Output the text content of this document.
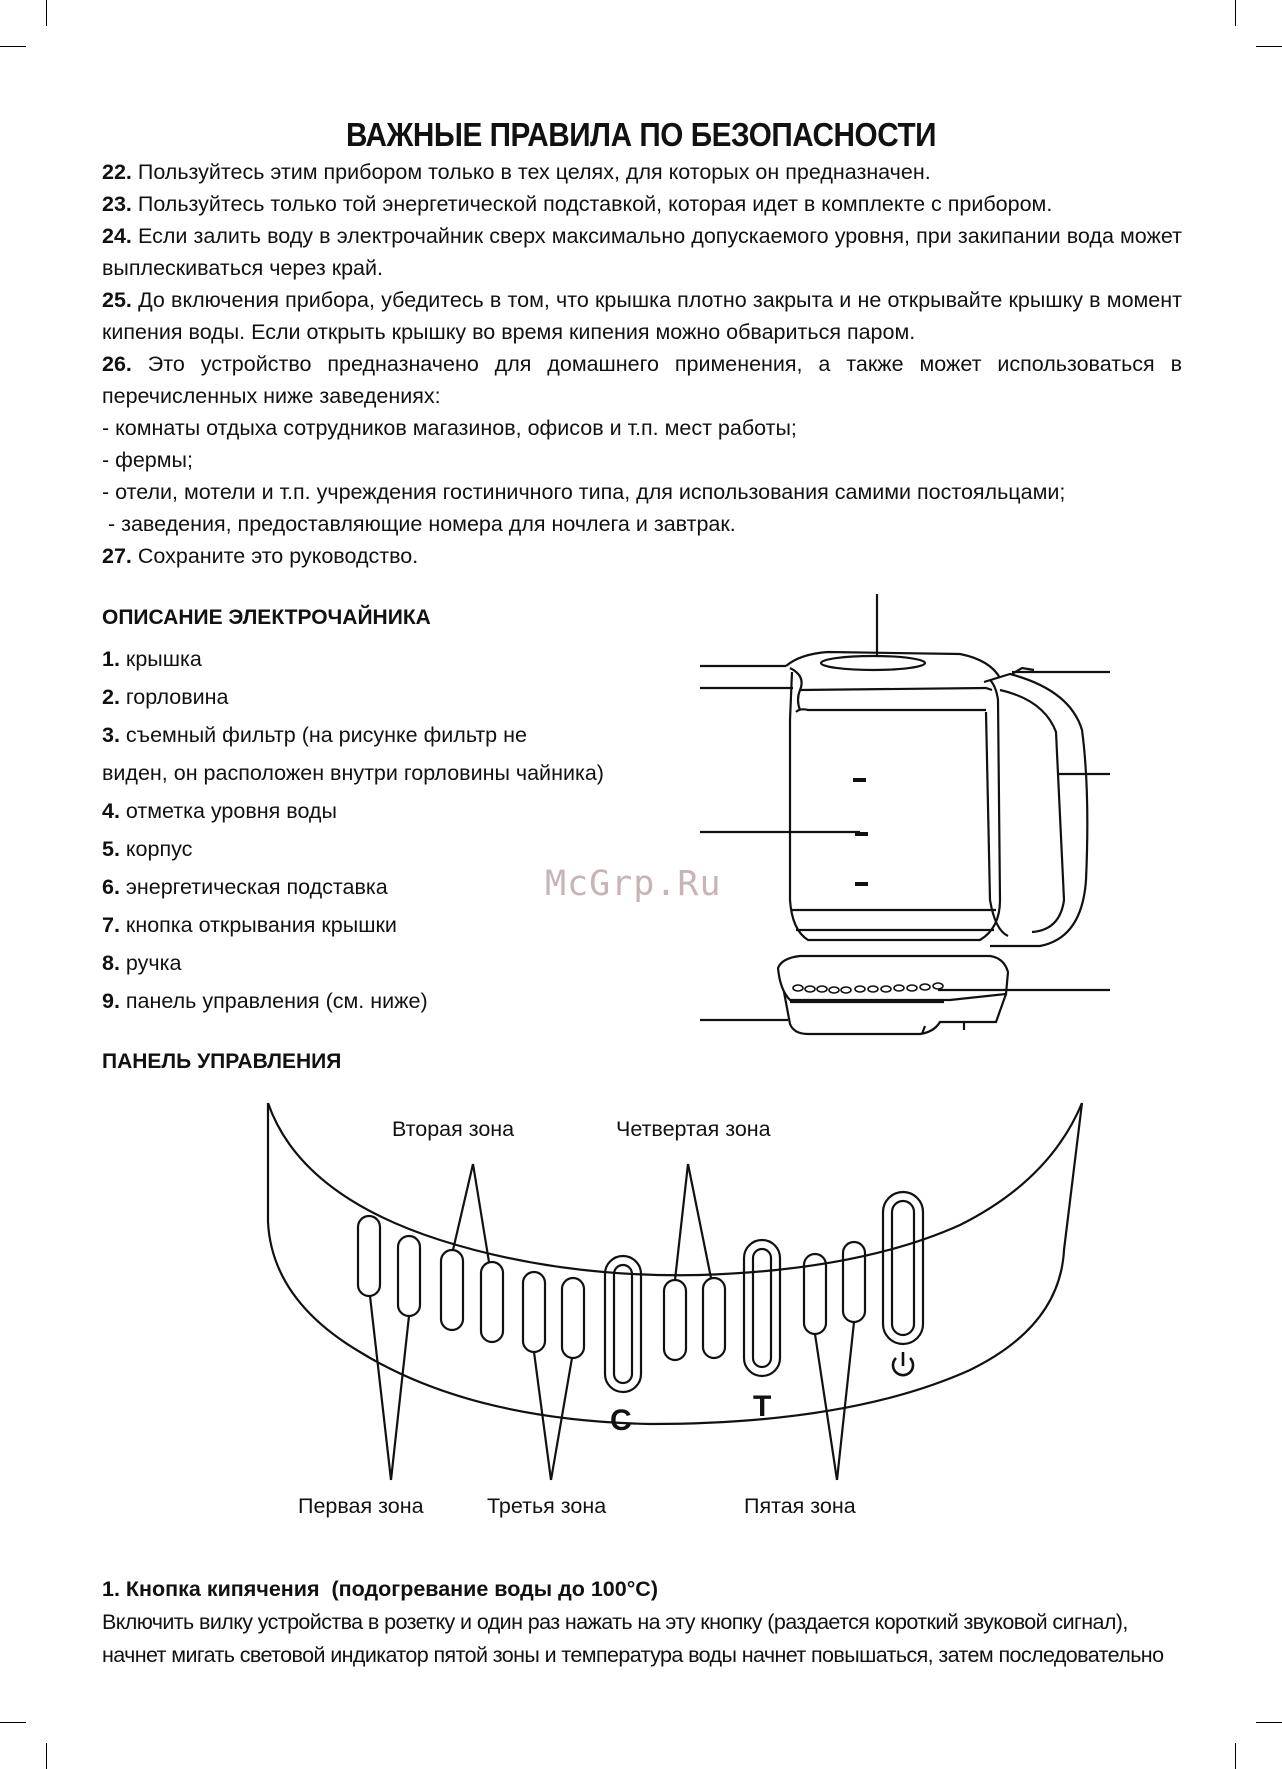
ВАЖНЫЕ ПРАВИЛА ПО БЕЗОПАСНОСТИ

22. Пользуйтесь этим прибором только в тех целях, для которых он предназначен.

23. Пользуйтесь только той энергетической подставкой, которая идет в комплекте с прибором.

24. Если залить воду в электрочайник сверх максимально допускаемого уровня, при закипании вода может выплескиваться через край.

25. До включения прибора, убедитесь в том, что крышка плотно закрыта и не открывайте крышку в момент кипения воды. Если открыть крышку во время кипения можно обвариться паром.

26. Это устройство предназначено для домашнего применения, а также может использоваться в перечисленных ниже заведениях:

- комнаты отдыха сотрудников магазинов, офисов и т.п. мест работы;

- фермы;

- отели, мотели и т.п. учреждения гостиничного типа, для использования самими постояльцами;

- заведения, предоставляющие номера для ночлега и завтрак.

27. Сохраните это руководство.

ОПИСАНИЕ ЭЛЕКТРОЧАЙНИКА

1. крышка

2. горловина

3. съемный фильтр (на рисунке фильтр не

виден, он расположен внутри горловины чайника)

4. отметка уровня воды

5. корпус

6. энергетическая подставка

7. кнопка открывания крышки

8. ручка

9. панель управления (см. ниже)

McGrp.Ru
ПАНЕЛЬ УПРАВЛЕНИЯ
C	T
Вторая зона	Четвертая зона
Первая зона	Третья зона	Пятая зона

1. Кнопка кипячения  (подогревание воды до 100°С)

Включить вилку устройства в розетку и один раз нажать на эту кнопку (раздается короткий звуковой сигнал),

начнет мигать световой индикатор пятой зоны и температура воды начнет повышаться, затем последовательно
